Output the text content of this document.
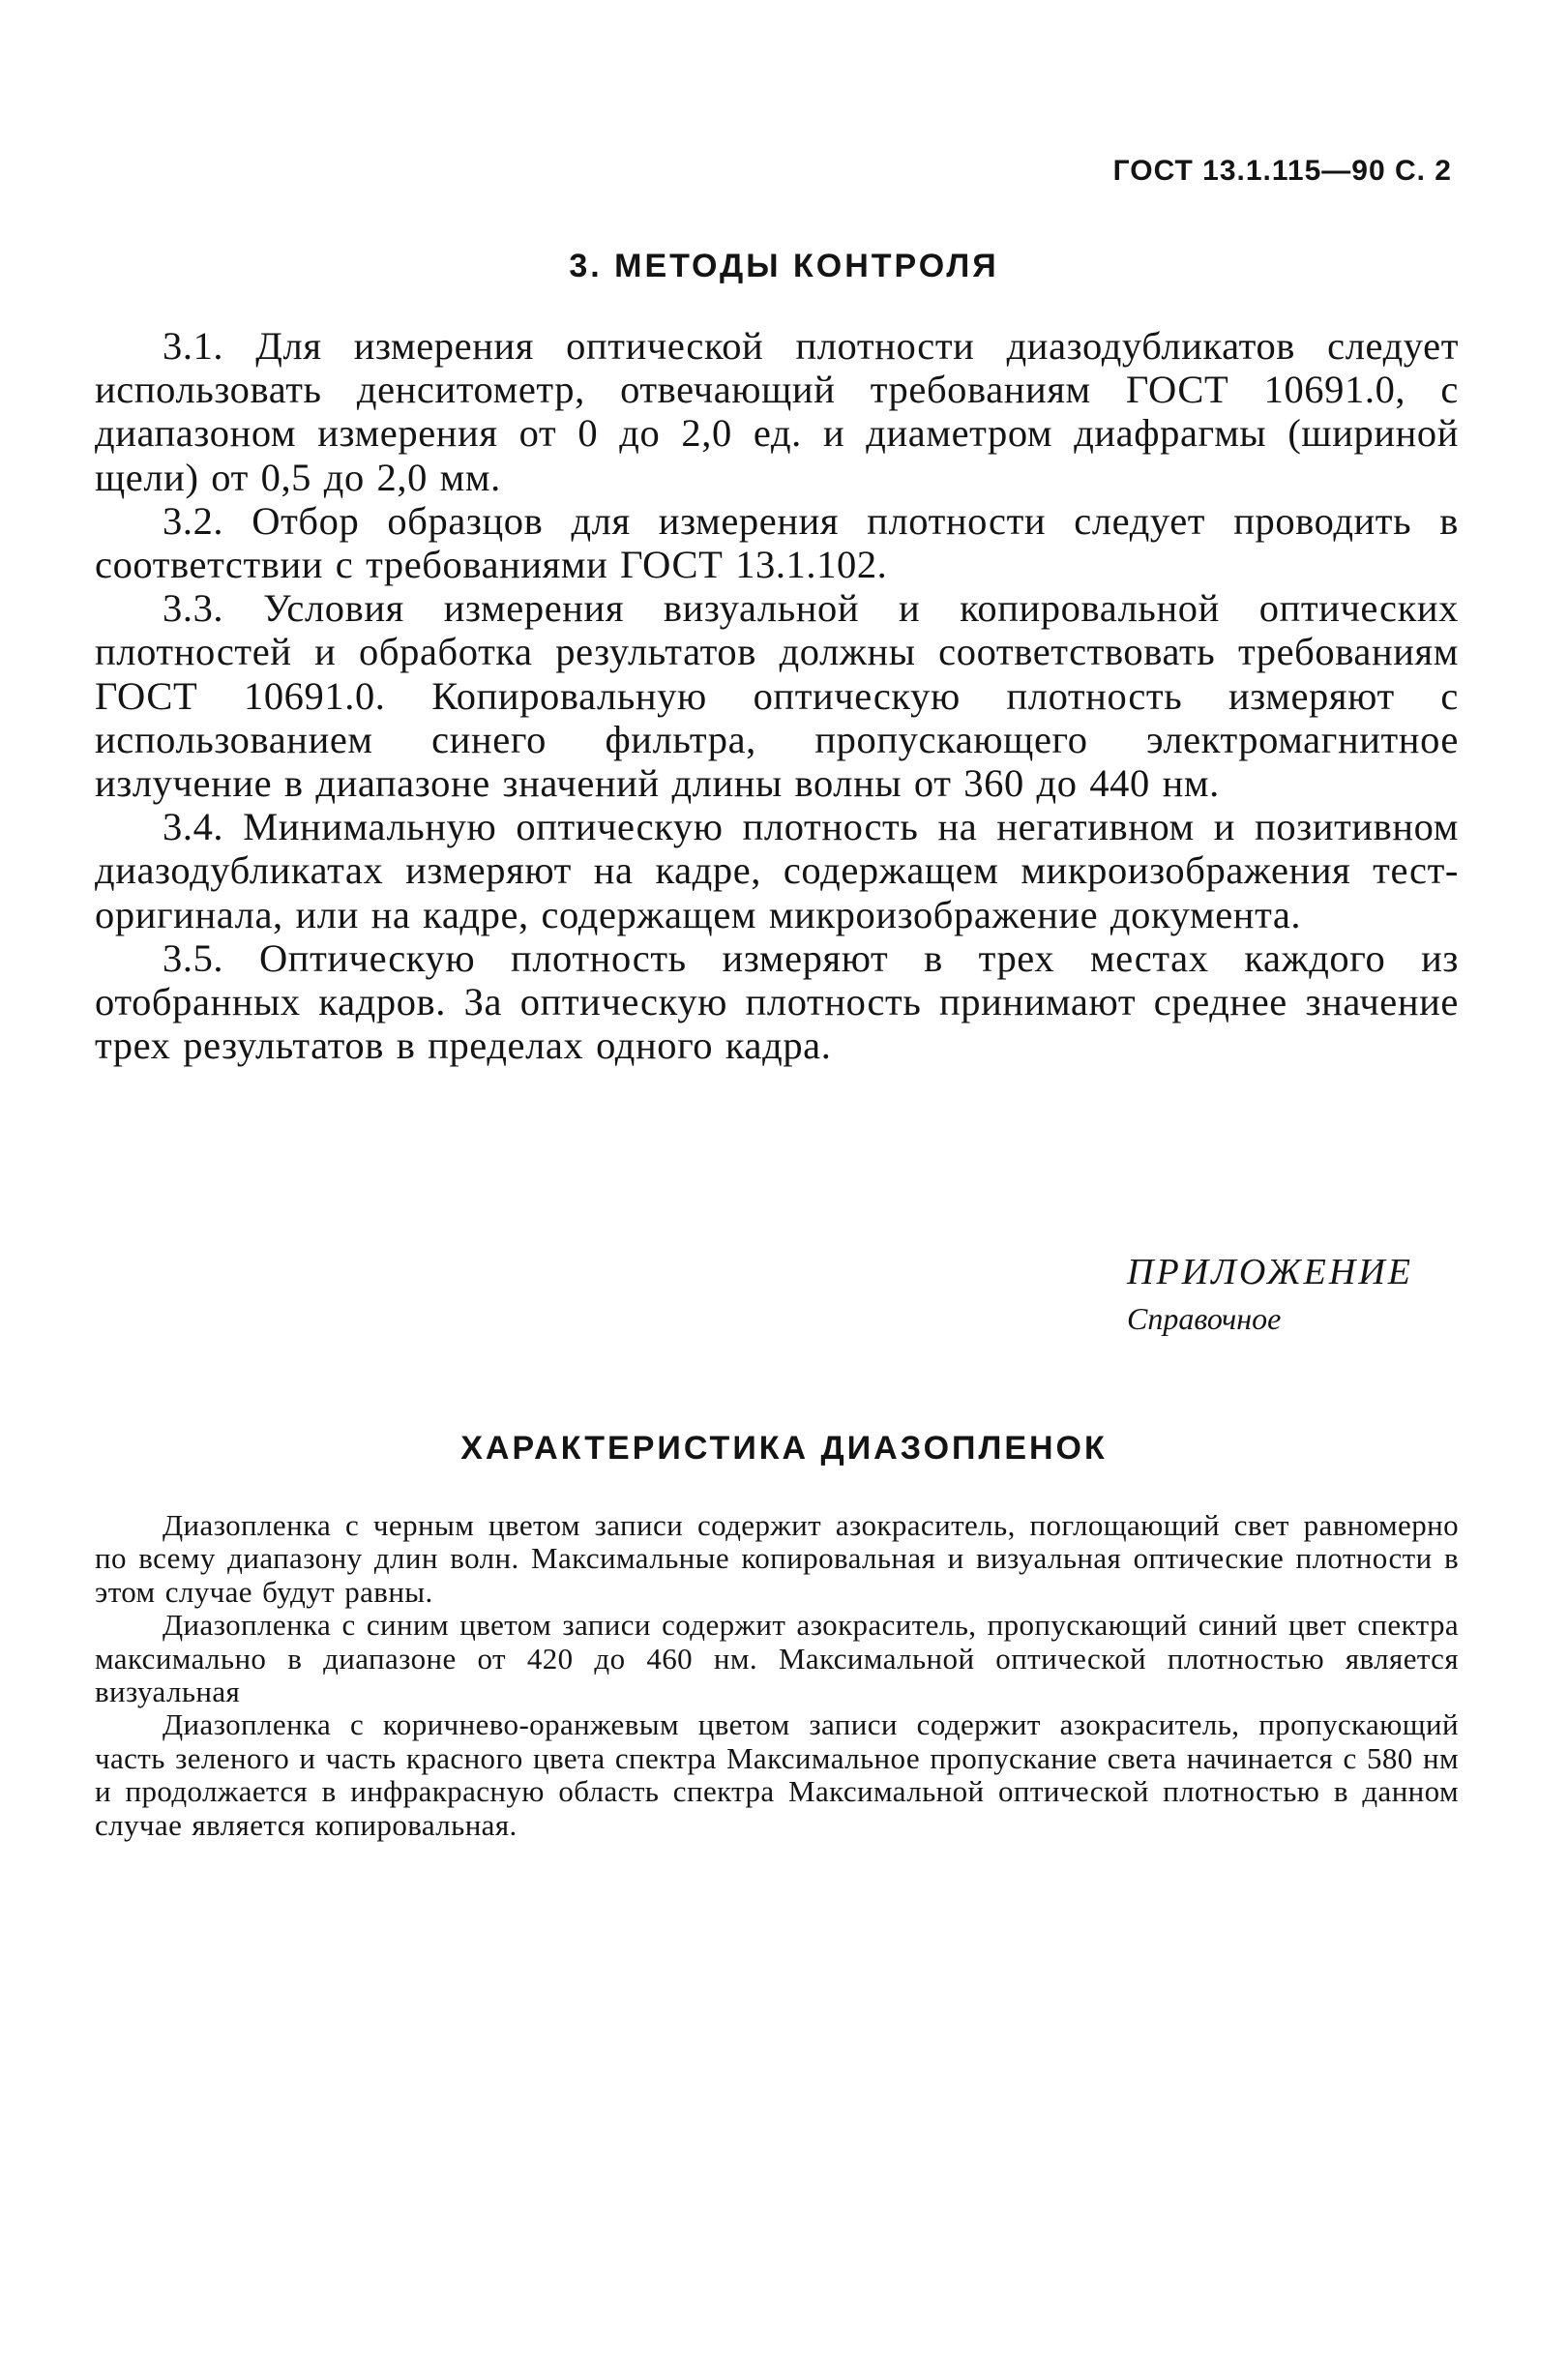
ГОСТ 13.1.115—90 С. 2
3. МЕТОДЫ КОНТРОЛЯ

3.1. Для измерения оптической плотности диазодубликатов следует использовать денситометр, отвечающий требованиям ГОСТ 10691.0, с диапазоном измерения от 0 до 2,0 ед. и диаметром диафрагмы (шириной щели) от 0,5 до 2,0 мм.

3.2. Отбор образцов для измерения плотности следует проводить в соответствии с требованиями ГОСТ 13.1.102.

3.3. Условия измерения визуальной и копировальной оптических плотностей и обработка результатов должны соответствовать требованиям ГОСТ 10691.0. Копировальную оптическую плотность измеряют с использованием синего фильтра, пропускающего электромагнитное излучение в диапазоне значений длины волны от 360 до 440 нм.

3.4. Минимальную оптическую плотность на негативном и позитивном диазодубликатах измеряют на кадре, содержащем микроизображения тест-оригинала, или на кадре, содержащем микроизображение документа.

3.5. Оптическую плотность измеряют в трех местах каждого из отобранных кадров. За оптическую плотность принимают среднее значение трех результатов в пределах одного кадра.

ПРИЛОЖЕНИЕ
Справочное
ХАРАКТЕРИСТИКА ДИАЗОПЛЕНОК

Диазопленка с черным цветом записи содержит азокраситель, поглощающий свет равномерно по всему диапазону длин волн. Максимальные копировальная и визуальная оптические плотности в этом случае будут равны.

Диазопленка с синим цветом записи содержит азокраситель, пропускающий синий цвет спектра максимально в диапазоне от 420 до 460 нм. Максимальной оптической плотностью является визуальная

Диазопленка с коричнево-оранжевым цветом записи содержит азокраситель, пропускающий часть зеленого и часть красного цвета спектра Максимальное пропускание света начинается с 580 нм и продолжается в инфракрасную область спектра Максимальной оптической плотностью в данном случае является копировальная.
